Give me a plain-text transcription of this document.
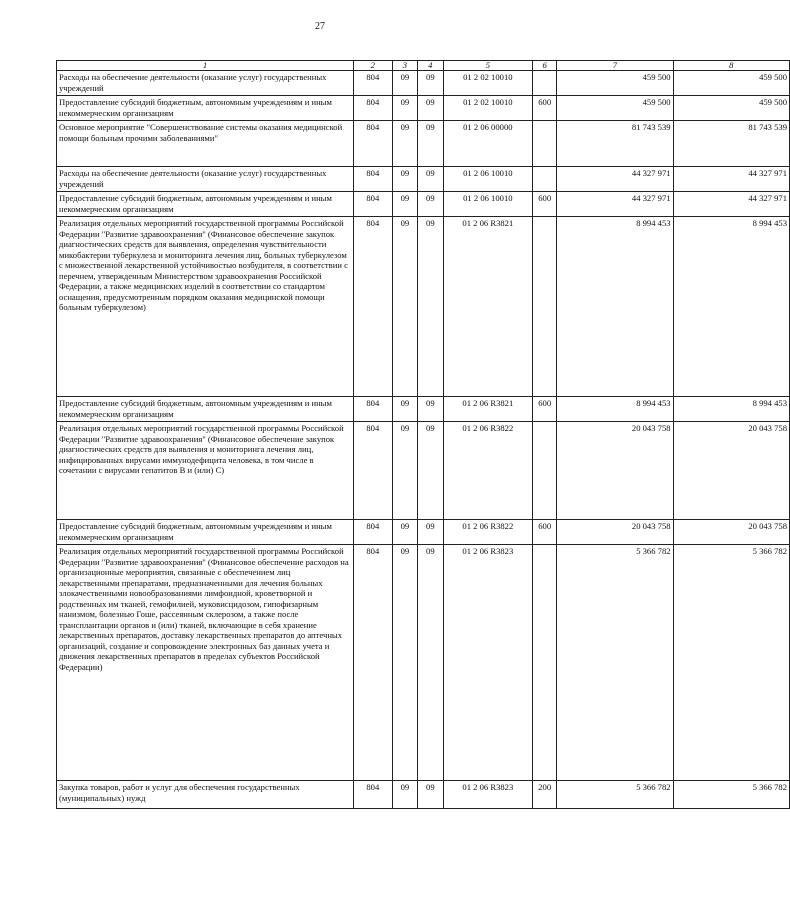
27
1	2	3	4	5	6	7	8
Расходы на обеспечение деятельности (оказание услуг) государственных учреждений	804	09	09	01 2 02 10010		459 500	459 500
Предоставление субсидий бюджетным, автономным учреждениям и иным некоммерческим организациям	804	09	09	01 2 02 10010	600	459 500	459 500
Основное мероприятие "Совершенствование системы оказания медицинской помощи больным прочими заболеваниями"	804	09	09	01 2 06 00000		81 743 539	81 743 539
Расходы на обеспечение деятельности (оказание услуг) государственных учреждений	804	09	09	01 2 06 10010		44 327 971	44 327 971
Предоставление субсидий бюджетным, автономным учреждениям и иным некоммерческим организациям	804	09	09	01 2 06 10010	600	44 327 971	44 327 971
Реализация отдельных мероприятий государственной программы Российской Федерации "Развитие здравоохранения" (Финансовое обеспечение закупок диагностических средств для выявления, определения чувствительности микобактерии туберкулеза и мониторинга лечения лиц, больных туберкулезом с множественной лекарственной устойчивостью возбудителя, в соответствии с перечнем, утвержденным Министерством здравоохранения Российской Федерации, а также медицинских изделий в соответствии со стандартом оснащения, предусмотренным порядком оказания медицинской помощи больным туберкулезом)	804	09	09	01 2 06 R3821		8 994 453	8 994 453
Предоставление субсидий бюджетным, автономным учреждениям и иным некоммерческим организациям	804	09	09	01 2 06 R3821	600	8 994 453	8 994 453
Реализация отдельных мероприятий государственной программы Российской Федерации "Развитие здравоохранения" (Финансовое обеспечение закупок диагностических средств для выявления и мониторинга лечения лиц, инфицированных вирусами иммунодефицита человека, в том числе в сочетании с вирусами гепатитов В и (или) С)	804	09	09	01 2 06 R3822		20 043 758	20 043 758
Предоставление субсидий бюджетным, автономным учреждениям и иным некоммерческим организациям	804	09	09	01 2 06 R3822	600	20 043 758	20 043 758
Реализация отдельных мероприятий государственной программы Российской Федерации "Развитие здравоохранения" (Финансовое обеспечение расходов на организационные мероприятия, связанные с обеспечением лиц лекарственными препаратами, предназначенными для лечения больных злокачественными новообразованиями лимфоидной, кроветворной и родственных им тканей, гемофилией, муковисцидозом, гипофизарным нанизмом, болезнью Гоше, рассеянным склерозом, а также после трансплантации органов и (или) тканей, включающие в себя хранение лекарственных препаратов, доставку лекарственных препаратов до аптечных организаций, создание и сопровождение электронных баз данных учета и движения лекарственных препаратов в пределах субъектов Российской Федерации)	804	09	09	01 2 06 R3823		5 366 782	5 366 782
Закупка товаров, работ и услуг для обеспечения государственных (муниципальных) нужд	804	09	09	01 2 06 R3823	200	5 366 782	5 366 782
